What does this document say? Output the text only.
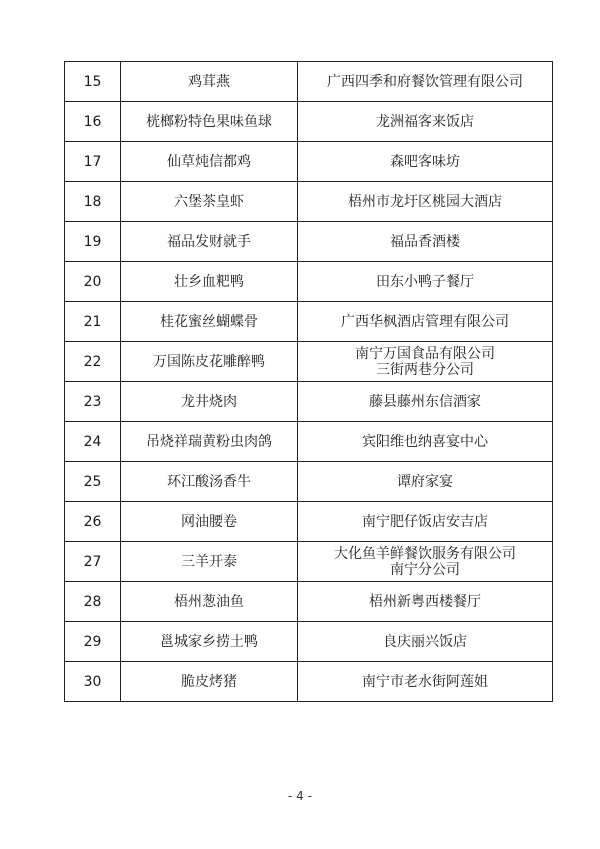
15	鸡茸燕	广西四季和府餐饮管理有限公司

16	桄榔粉特色果味鱼球	龙洲福客来饭店

17	仙草炖信都鸡	森吧客味坊

18	六堡茶皇虾	梧州市龙圩区桃园大酒店

19	福品发财就手	福品香酒楼

20	壮乡血粑鸭	田东小鸭子餐厅

21	桂花蜜丝蝴蝶骨	广西华枫酒店管理有限公司

22	万国陈皮花雕醉鸭	南宁万国食品有限公司
三街两巷分公司

23	龙井烧肉	藤县藤州东信酒家

24	吊烧祥瑞黄粉虫肉鸽	宾阳维也纳喜宴中心

25	环江酸汤香牛	谭府家宴

26	网油腰卷	南宁肥仔饭店安吉店

27	三羊开泰	大化鱼羊鲜餐饮服务有限公司
南宁分公司

28	梧州葱油鱼	梧州新粤西楼餐厅

29	邕城家乡捞土鸭	良庆丽兴饭店

30	脆皮烤猪	南宁市老水街阿莲姐
- 4 -
